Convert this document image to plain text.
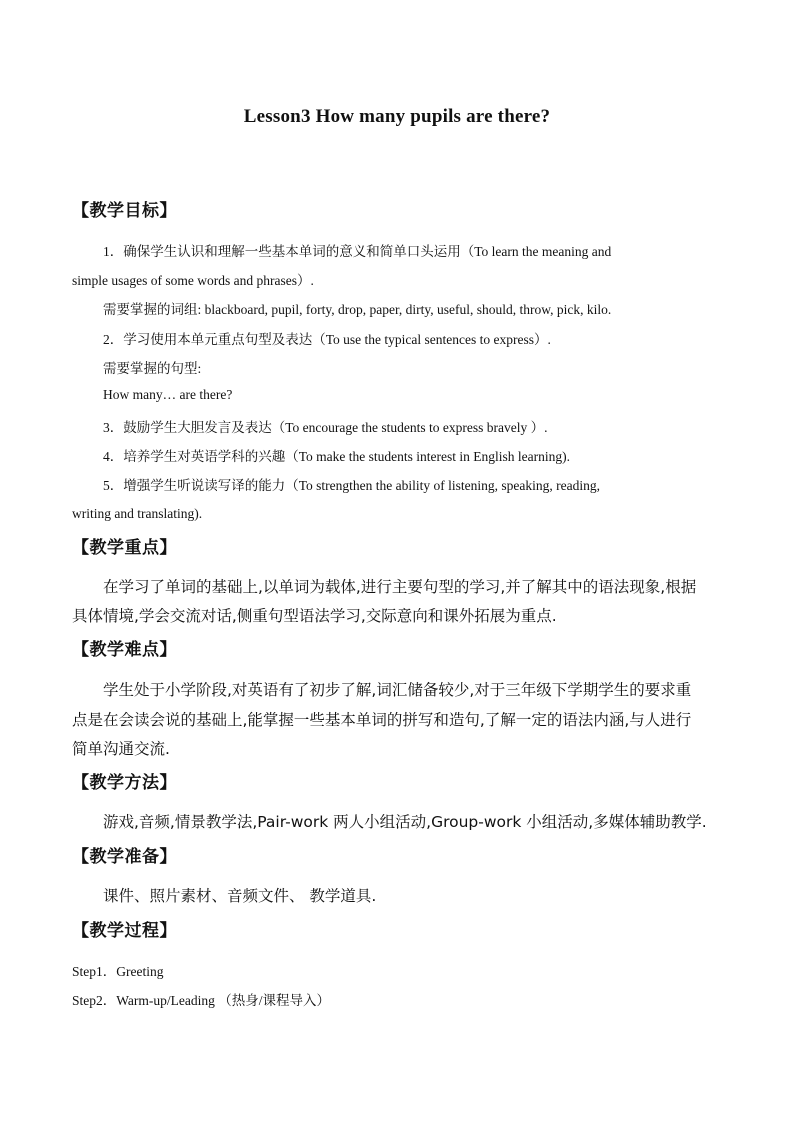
Lesson3 How many pupils are there?
【教学目标】
1．确保学生认识和理解一些基本单词的意义和简单口头运用（To learn the meaning and
simple usages of some words and phrases）.
需要掌握的词组: blackboard, pupil, forty, drop, paper, dirty, useful, should, throw, pick, kilo.
2．学习使用本单元重点句型及表达（To use the typical sentences to express）.
需要掌握的句型:
How many… are there?
3．鼓励学生大胆发言及表达（To encourage the students to express bravely ）.
4．培养学生对英语学科的兴趣（To make the students interest in English learning).
5．增强学生听说读写译的能力（To strengthen the ability of listening, speaking, reading,
writing and translating).
【教学重点】
在学习了单词的基础上,以单词为载体,进行主要句型的学习,并了解其中的语法现象,根据
具体情境,学会交流对话,侧重句型语法学习,交际意向和课外拓展为重点.
【教学难点】
学生处于小学阶段,对英语有了初步了解,词汇储备较少,对于三年级下学期学生的要求重
点是在会读会说的基础上,能掌握一些基本单词的拼写和造句,了解一定的语法内涵,与人进行
简单沟通交流.
【教学方法】
游戏,音频,情景教学法,Pair-work 两人小组活动,Group-work 小组活动,多媒体辅助教学.
【教学准备】
课件、照片素材、音频文件、 教学道具.
【教学过程】
Step1．Greeting
Step2．Warm-up/Leading （热身/课程导入）
